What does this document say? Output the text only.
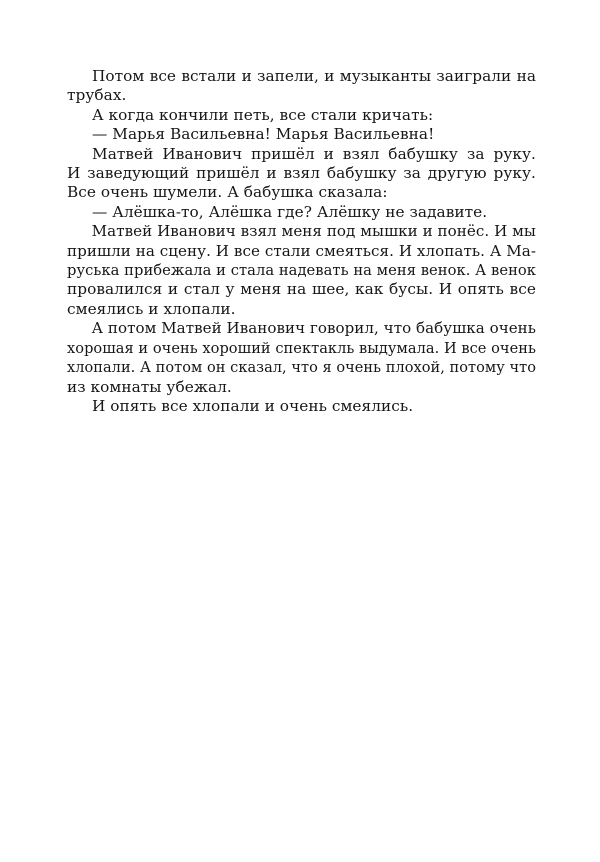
Потом все встали и запели, и музыканты заиграли на
трубах.
А когда кончили петь, все стали кричать:
— Марья Васильевна! Марья Васильевна!
Матвей Иванович пришёл и взял бабушку за руку.
И заведующий пришёл и взял бабушку за другую руку.
Все очень шумели. А бабушка сказала:
— Алёшка-то, Алёшка где? Алёшку не задавите.
Матвей Иванович взял меня под мышки и понёс. И мы
пришли на сцену. И все стали смеяться. И хлопать. А Ма-
руська прибежала и стала надевать на меня венок. А венок
провалился и стал у меня на шее, как бусы. И опять все
смеялись и хлопали.
А потом Матвей Иванович говорил, что бабушка очень
хорошая и очень хороший спектакль выдумала. И все очень
хлопали. А потом он сказал, что я очень плохой, потому что
из комнаты убежал.
И опять все хлопали и очень смеялись.
